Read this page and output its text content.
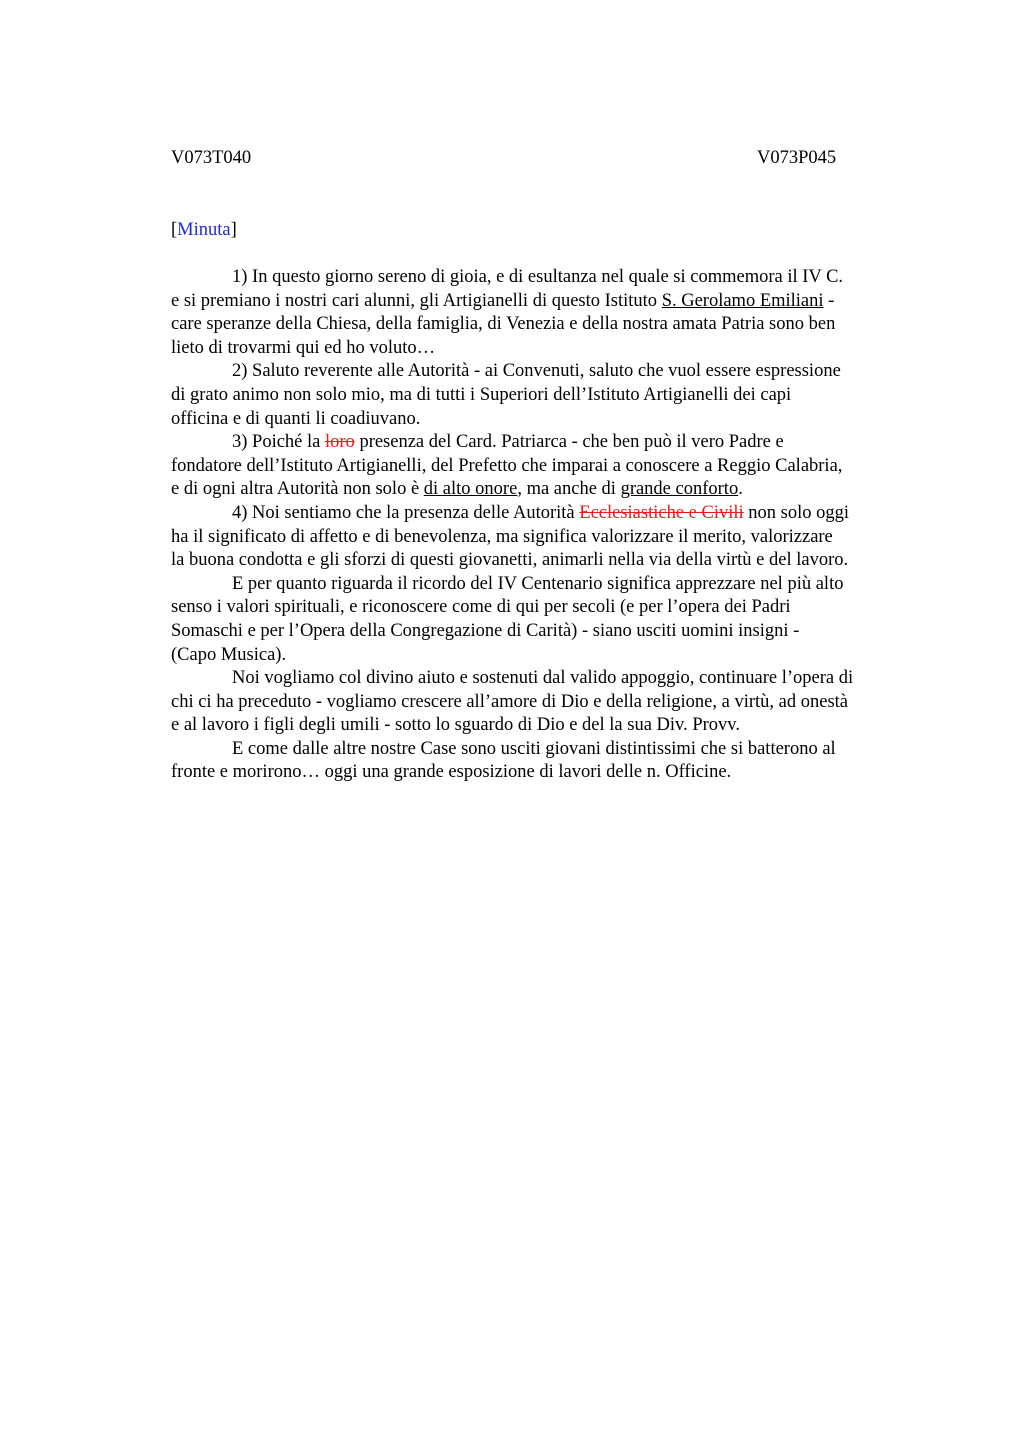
V073T040	V073P045

[Minuta]

1) In questo giorno sereno di gioia, e di esultanza nel quale si commemora il IV C.
e si premiano i nostri cari alunni, gli Artigianelli di questo Istituto S. Gerolamo Emiliani -
care speranze della Chiesa, della famiglia, di Venezia e della nostra amata Patria sono ben
lieto di trovarmi qui ed ho voluto…
2) Saluto reverente alle Autorità - ai Convenuti, saluto che vuol essere espressione
di grato animo non solo mio, ma di tutti i Superiori dell’Istituto Artigianelli dei capi
officina e di quanti li coadiuvano.
3) Poiché la loro presenza del Card. Patriarca - che ben può il vero Padre e
fondatore dell’Istituto Artigianelli, del Prefetto che imparai a conoscere a Reggio Calabria,
e di ogni altra Autorità non solo è di alto onore, ma anche di grande conforto.
4) Noi sentiamo che la presenza delle Autorità Ecclesiastiche e Civili non solo oggi
ha il significato di affetto e di benevolenza, ma significa valorizzare il merito, valorizzare
la buona condotta e gli sforzi di questi giovanetti, animarli nella via della virtù e del lavoro.
E per quanto riguarda il ricordo del IV Centenario significa apprezzare nel più alto
senso i valori spirituali, e riconoscere come di qui per secoli (e per l’opera dei Padri
Somaschi e per l’Opera della Congregazione di Carità) - siano usciti uomini insigni -
(Capo Musica).
Noi vogliamo col divino aiuto e sostenuti dal valido appoggio, continuare l’opera di
chi ci ha preceduto - vogliamo crescere all’amore di Dio e della religione, a virtù, ad onestà
e al lavoro i figli degli umili - sotto lo sguardo di Dio e del la sua Div. Provv.
E come dalle altre nostre Case sono usciti giovani distintissimi che si batterono al
fronte e morirono… oggi una grande esposizione di lavori delle n. Officine.
